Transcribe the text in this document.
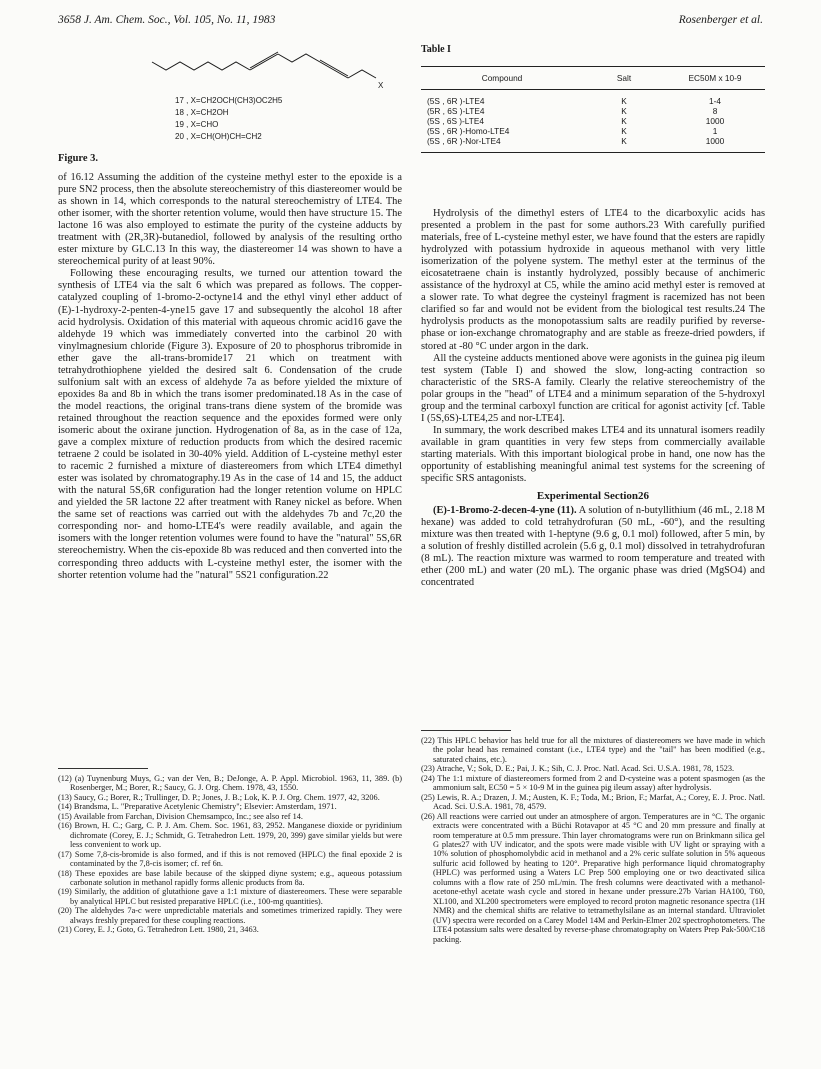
3658 J. Am. Chem. Soc., Vol. 105, No. 11, 1983	Rosenberger et al.
X
17 , X=CH2OCH(CH3)OC2H5
18 , X=CH2OH
19 , X=CHO
20 , X=CH(OH)CH=CH2
Figure 3.

of 16.12 Assuming the addition of the cysteine methyl ester to the epoxide is a pure SN2 process, then the absolute stereochemistry of this diastereomer would be as shown in 14, which corresponds to the natural stereochemistry of LTE4. The other isomer, with the shorter retention volume, would then have structure 15. The lactone 16 was also employed to estimate the purity of the cysteine adducts by treatment with (2R,3R)-butanediol, followed by analysis of the resulting ortho ester mixture by GLC.13 In this way, the diastereomer 14 was shown to have a stereochemical purity of at least 90%.

Following these encouraging results, we turned our attention toward the synthesis of LTE4 via the salt 6 which was prepared as follows. The copper-catalyzed coupling of 1-bromo-2-octyne14 and the ethyl vinyl ether adduct of (E)-1-hydroxy-2-penten-4-yne15 gave 17 and subsequently the alcohol 18 after acid hydrolysis. Oxidation of this material with aqueous chromic acid16 gave the aldehyde 19 which was immediately converted into the carbinol 20 with vinylmagnesium chloride (Figure 3). Exposure of 20 to phosphorus tribromide in ether gave the all-trans-bromide17 21 which on treatment with tetrahydrothiophene yielded the desired salt 6. Condensation of the crude sulfonium salt with an excess of aldehyde 7a as before yielded the mixture of epoxides 8a and 8b in which the trans isomer predominated.18 As in the case of the model reactions, the original trans-trans diene system of the bromide was retained throughout the reaction sequence and the epoxides formed were only isomeric about the oxirane junction. Hydrogenation of 8a, as in the case of 12a, gave a complex mixture of reduction products from which the desired racemic tetraene 2 could be isolated in 30-40% yield. Addition of L-cysteine methyl ester to racemic 2 furnished a mixture of diastereomers from which LTE4 dimethyl ester was isolated by chromatography.19 As in the case of 14 and 15, the adduct with the natural 5S,6R configuration had the longer retention volume on HPLC and yielded the 5R lactone 22 after treatment with Raney nickel as before. When the same set of reactions was carried out with the aldehydes 7b and 7c,20 the corresponding nor- and homo-LTE4's were readily available, and again the isomers with the longer retention volumes were found to have the "natural" 5S,6R stereochemistry. When the cis-epoxide 8b was reduced and then converted into the corresponding threo adducts with L-cysteine methyl ester, the isomer with the shorter retention volume had the "natural" 5S21 configuration.22

(12) (a) Tuynenburg Muys, G.; van der Ven, B.; DeJonge, A. P. Appl. Microbiol. 1963, 11, 389. (b) Rosenberger, M.; Borer, R.; Saucy, G. J. Org. Chem. 1978, 43, 1550.

(13) Saucy, G.; Borer, R.; Trullinger, D. P.; Jones, J. B.; Lok, K. P. J. Org. Chem. 1977, 42, 3206.

(14) Brandsma, L. "Preparative Acetylenic Chemistry"; Elsevier: Amsterdam, 1971.

(15) Available from Farchan, Division Chemsampco, Inc.; see also ref 14.

(16) Brown, H. C.; Garg, C. P. J. Am. Chem. Soc. 1961, 83, 2952. Manganese dioxide or pyridinium dichromate (Corey, E. J.; Schmidt, G. Tetrahedron Lett. 1979, 20, 399) gave similar yields but were less convenient to work up.

(17) Some 7,8-cis-bromide is also formed, and if this is not removed (HPLC) the final epoxide 2 is contaminated by the 7,8-cis isomer; cf. ref 6n.

(18) These epoxides are base labile because of the skipped diyne system; e.g., aqueous potassium carbonate solution in methanol rapidly forms allenic products from 8a.

(19) Similarly, the addition of glutathione gave a 1:1 mixture of diastereomers. These were separable by analytical HPLC but resisted preparative HPLC (i.e., 100-mg quantities).

(20) The aldehydes 7a-c were unpredictable materials and sometimes trimerized rapidly. They were always freshly prepared for these coupling reactions.

(21) Corey, E. J.; Goto, G. Tetrahedron Lett. 1980, 21, 3463.

Table I
Compound	Salt	EC50M x 10-9
(5S , 6R )-LTE4	K	1-4
(5R , 6S )-LTE4	K	8
(5S , 6S )-LTE4	K	1000
(5S , 6R )-Homo-LTE4	K	1
(5S , 6R )-Nor-LTE4	K	1000

Hydrolysis of the dimethyl esters of LTE4 to the dicarboxylic acids has presented a problem in the past for some authors.23 With carefully purified materials, free of L-cysteine methyl ester, we have found that the esters are rapidly hydrolyzed with potassium hydroxide in aqueous methanol with very little isomerization of the polyene system. The methyl ester at the terminus of the eicosatetraene chain is instantly hydrolyzed, possibly because of anchimeric assistance of the hydroxyl at C5, while the amino acid methyl ester is removed at a slower rate. To what degree the cysteinyl fragment is racemized has not been clarified so far and would not be evident from the biological test results.24 The hydrolysis products as the monopotassium salts are readily purified by reverse-phase or ion-exchange chromatography and are stable as freeze-dried powders, if stored at -80 °C under argon in the dark.

All the cysteine adducts mentioned above were agonists in the guinea pig ileum test system (Table I) and showed the slow, long-acting contraction so characteristic of the SRS-A family. Clearly the relative stereochemistry of the polar groups in the "head" of LTE4 and a minimum separation of the 5-hydroxyl group and the terminal carboxyl function are critical for agonist activity [cf. Table I (5S,6S)-LTE4,25 and nor-LTE4].

In summary, the work described makes LTE4 and its unnatural isomers readily available in gram quantities in very few steps from commercially available starting materials. With this important biological probe in hand, one now has the opportunity of establishing meaningful animal test systems for the screening of specific SRS antagonists.

Experimental Section26

(E)-1-Bromo-2-decen-4-yne (11). A solution of n-butyllithium (46 mL, 2.18 M hexane) was added to cold tetrahydrofuran (50 mL, -60°), and the resulting mixture was then treated with 1-heptyne (9.6 g, 0.1 mol) followed, after 5 min, by a solution of freshly distilled acrolein (5.6 g, 0.1 mol) dissolved in tetrahydrofuran (8 mL). The reaction mixture was warmed to room temperature and treated with ether (200 mL) and water (20 mL). The organic phase was dried (MgSO4) and concentrated

(22) This HPLC behavior has held true for all the mixtures of diastereomers we have made in which the polar head has remained constant (i.e., LTE4 type) and the "tail" has been modified (e.g., saturated chains, etc.).

(23) Atrache, V.; Sok, D. E.; Pai, J. K.; Sih, C. J. Proc. Natl. Acad. Sci. U.S.A. 1981, 78, 1523.

(24) The 1:1 mixture of diastereomers formed from 2 and D-cysteine was a potent spasmogen (as the ammonium salt, EC50 = 5 × 10-9 M in the guinea pig ileum assay) after hydrolysis.

(25) Lewis, R. A.; Drazen, J. M.; Austen, K. F.; Toda, M.; Brion, F.; Marfat, A.; Corey, E. J. Proc. Natl. Acad. Sci. U.S.A. 1981, 78, 4579.

(26) All reactions were carried out under an atmosphere of argon. Temperatures are in °C. The organic extracts were concentrated with a Büchi Rotavapor at 45 °C and 20 mm pressure and finally at room temperature at 0.5 mm pressure. Thin layer chromatograms were run on Brinkmann silica gel G plates27 with UV indicator, and the spots were made visible with UV light or spraying with a 10% solution of phosphomolybdic acid in methanol and a 2% ceric sulfate solution in 5% aqueous sulfuric acid followed by heating to 120°. Preparative high performance liquid chromatography (HPLC) was performed using a Waters LC Prep 500 employing one or two deactivated silica columns with a flow rate of 250 mL/min. The fresh columns were deactivated with a methanol-acetone-ethyl acetate wash cycle and stored in hexane under pressure.27b Varian HA100, T60, XL100, and XL200 spectrometers were employed to record proton magnetic resonance spectra (1H NMR) and the chemical shifts are relative to tetramethylsilane as an internal standard. Ultraviolet (UV) spectra were recorded on a Carey Model 14M and Perkin-Elmer 202 spectrophotometers. The LTE4 potassium salts were desalted by reverse-phase chromatography on Waters Prep Pak-500/C18 packing.
